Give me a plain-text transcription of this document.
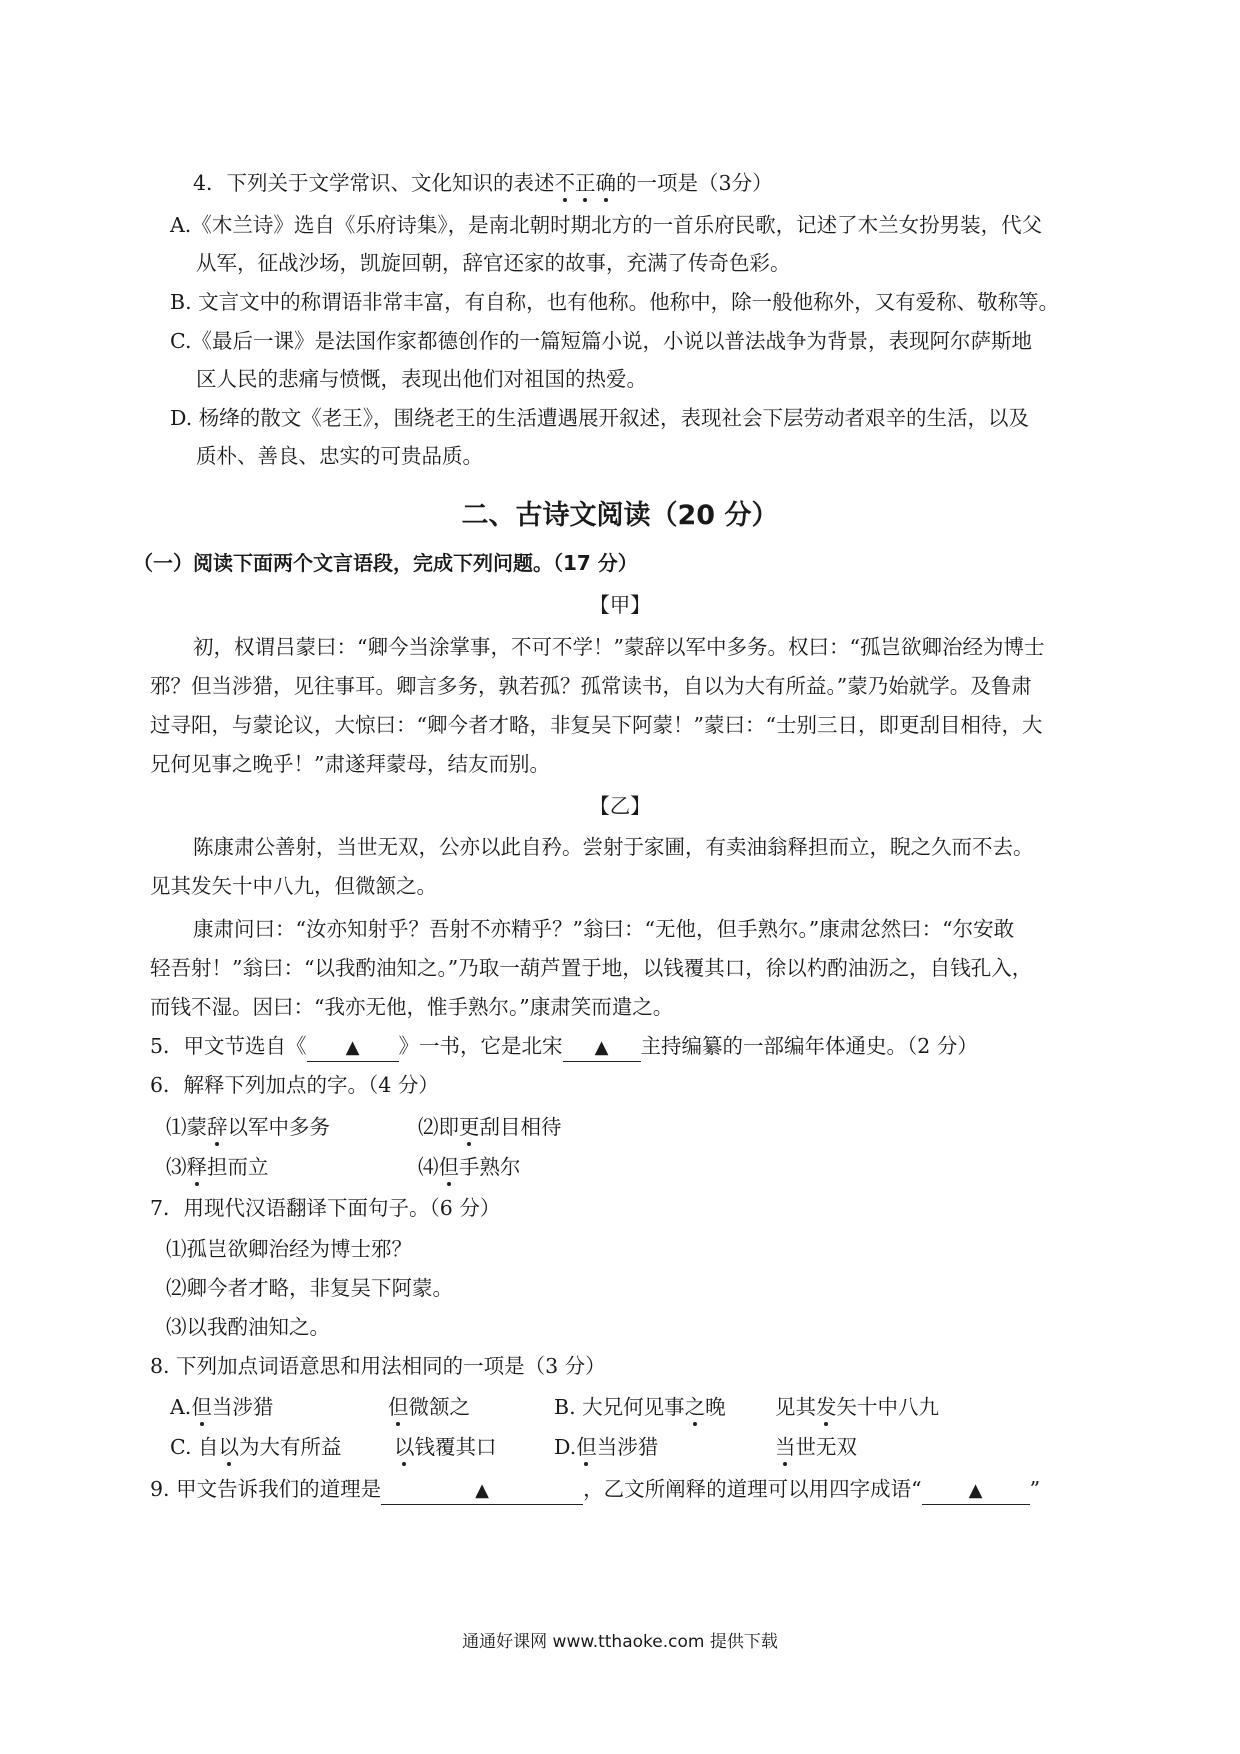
4．下列关于文学常识、文化知识的表述不正确的一项是（3分）
A.《木兰诗》选自《乐府诗集》，是南北朝时期北方的一首乐府民歌，记述了木兰女扮男装，代父
从军，征战沙场，凯旋回朝，辞官还家的故事，充满了传奇色彩。
B. 文言文中的称谓语非常丰富，有自称，也有他称。他称中，除一般他称外，又有爱称、敬称等。
C.《最后一课》是法国作家都德创作的一篇短篇小说，小说以普法战争为背景，表现阿尔萨斯地
区人民的悲痛与愤慨，表现出他们对祖国的热爱。
D. 杨绛的散文《老王》，围绕老王的生活遭遇展开叙述，表现社会下层劳动者艰辛的生活，以及
质朴、善良、忠实的可贵品质。
二、古诗文阅读（20 分）
（一）阅读下面两个文言语段，完成下列问题。（17 分）
【甲】
初，权谓吕蒙曰：“卿今当涂掌事，不可不学！”蒙辞以军中多务。权曰：“孤岂欲卿治经为博士
邪？但当涉猎，见往事耳。卿言多务，孰若孤？孤常读书，自以为大有所益。”蒙乃始就学。及鲁肃
过寻阳，与蒙论议，大惊曰：“卿今者才略，非复吴下阿蒙！”蒙曰：“士别三日，即更刮目相待，大
兄何见事之晚乎！”肃遂拜蒙母，结友而别。
【乙】
陈康肃公善射，当世无双，公亦以此自矜。尝射于家圃，有卖油翁释担而立，睨之久而不去。
见其发矢十中八九，但微颔之。
康肃问曰：“汝亦知射乎？吾射不亦精乎？”翁曰：“无他，但手熟尔。”康肃忿然曰：“尔安敢
轻吾射！”翁曰：“以我酌油知之。”乃取一葫芦置于地，以钱覆其口，徐以杓酌油沥之，自钱孔入，
而钱不湿。因曰：“我亦无他，惟手熟尔。”康肃笑而遣之。
5．甲文节选自《 ▲ 》一书，它是北宋 ▲ 主持编纂的一部编年体通史。（2 分）
6．解释下列加点的字。（4 分）
⑴蒙辞以军中多务	⑵即更刮目相待
⑶释担而立	⑷但手熟尔
7．用现代汉语翻译下面句子。（6 分）
⑴孤岂欲卿治经为博士邪？
⑵卿今者才略，非复吴下阿蒙。
⑶以我酌油知之。
8. 下列加点词语意思和用法相同的一项是（3 分）
A.但当涉猎	但微颔之	B. 大兄何见事之晚 见其发矢十中八九
C. 自以为大有所益	以钱覆其口	D.但当涉猎	当世无双
9. 甲文告诉我们的道理是	▲	，乙文所阐释的道理可以用四字成语“	▲ ”
通通好课网 www.tthaoke.com 提供下载
